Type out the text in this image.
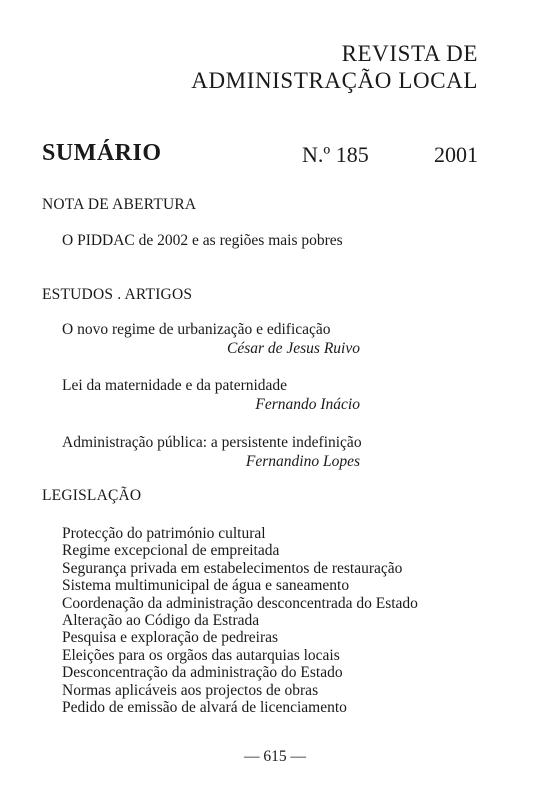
REVISTA DE
ADMINISTRAÇÃO LOCAL
SUMÁRIO	N.º 185	2001
NOTA DE ABERTURA
O PIDDAC de 2002 e as regiões mais pobres
ESTUDOS . ARTIGOS
O novo regime de urbanização e edificação
César de Jesus Ruivo
Lei da maternidade e da paternidade
Fernando Inácio
Administração pública: a persistente indefinição
Fernandino Lopes
LEGISLAÇÃO
Protecção do património cultural
Regime excepcional de empreitada
Segurança privada em estabelecimentos de restauração
Sistema multimunicipal de água e saneamento
Coordenação da administração desconcentrada do Estado
Alteração ao Código da Estrada
Pesquisa e exploração de pedreiras
Eleições para os orgãos das autarquias locais
Desconcentração da administração do Estado
Normas aplicáveis aos projectos de obras
Pedido de emissão de alvará de licenciamento
— 615 —
